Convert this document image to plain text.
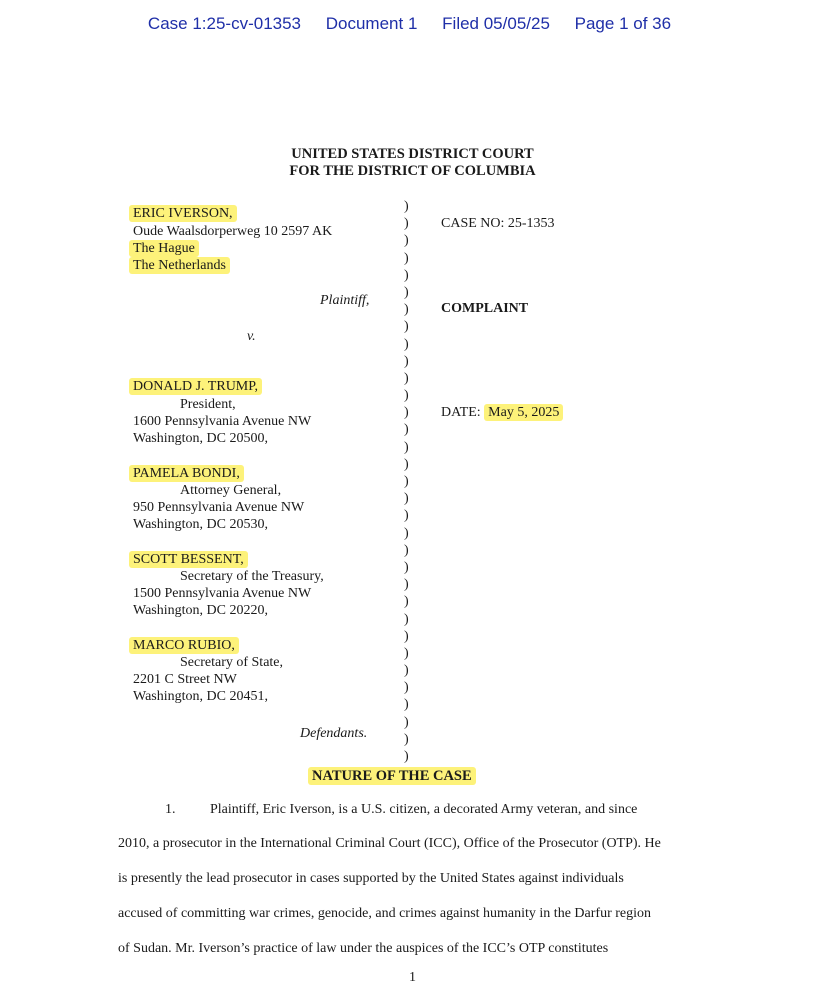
Case 1:25-cv-01353 Document 1 Filed 05/05/25 Page 1 of 36
UNITED STATES DISTRICT COURT
FOR THE DISTRICT OF COLUMBIA
ERIC IVERSON,
Oude Waalsdorperweg 10 2597 AK
The Hague
The Netherlands
Plaintiff,
v.
DONALD J. TRUMP,
President,
1600 Pennsylvania Avenue NW
Washington, DC 20500,
PAMELA BONDI,
Attorney General,
950 Pennsylvania Avenue NW
Washington, DC 20530,
SCOTT BESSENT,
Secretary of the Treasury,
1500 Pennsylvania Avenue NW
Washington, DC 20220,
MARCO RUBIO,
Secretary of State,
2201 C Street NW
Washington, DC 20451,
Defendants.
)
)
)
)
)
)
)
)
)
)
)
)
)
)
)
)
)
)
)
)
)
)
)
)
)
)
)
)
)
)
)
)
)
CASE NO: 25-1353
COMPLAINT
DATE: May 5, 2025
NATURE OF THE CASE
1. Plaintiff, Eric Iverson, is a U.S. citizen, a decorated Army veteran, and since
2010, a prosecutor in the International Criminal Court (ICC), Office of the Prosecutor (OTP). He
is presently the lead prosecutor in cases supported by the United States against individuals
accused of committing war crimes, genocide, and crimes against humanity in the Darfur region
of Sudan. Mr. Iverson’s practice of law under the auspices of the ICC’s OTP constitutes
1
